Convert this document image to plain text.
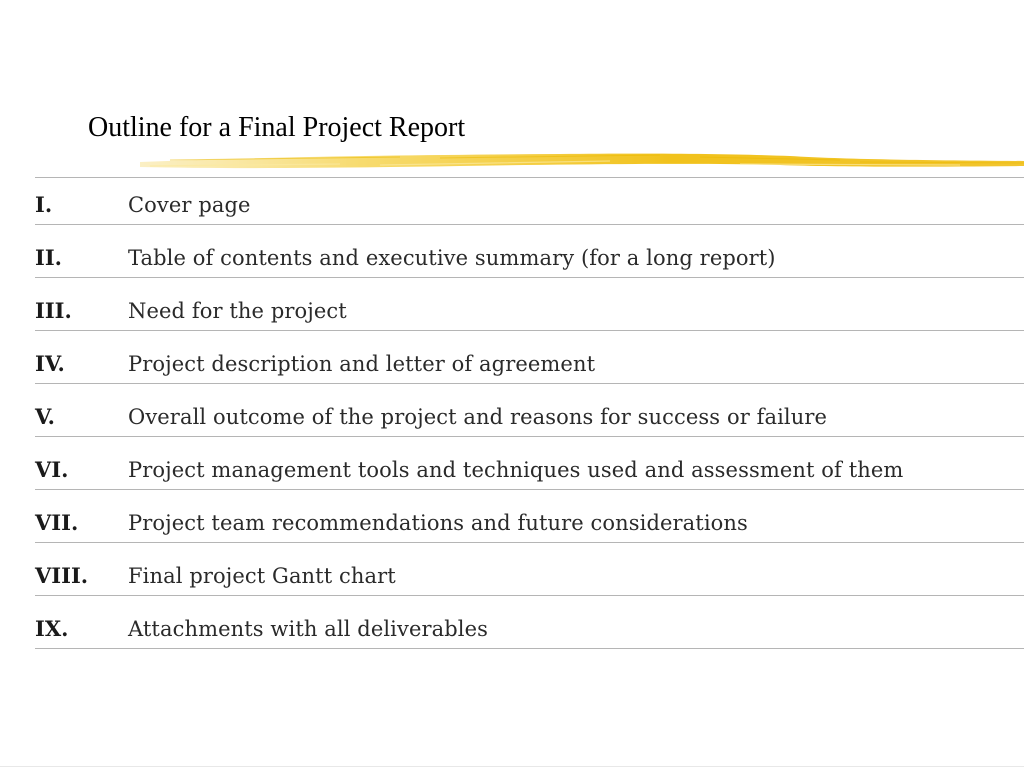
Outline for a Final Project Report
I.	Cover page
II.	Table of contents and executive summary (for a long report)
III.	Need for the project
IV.	Project description and letter of agreement
V.	Overall outcome of the project and reasons for success or failure
VI.	Project management tools and techniques used and assessment of them
VII. Project team recommendations and future considerations
VIII. Final project Gantt chart
IX.	Attachments with all deliverables
